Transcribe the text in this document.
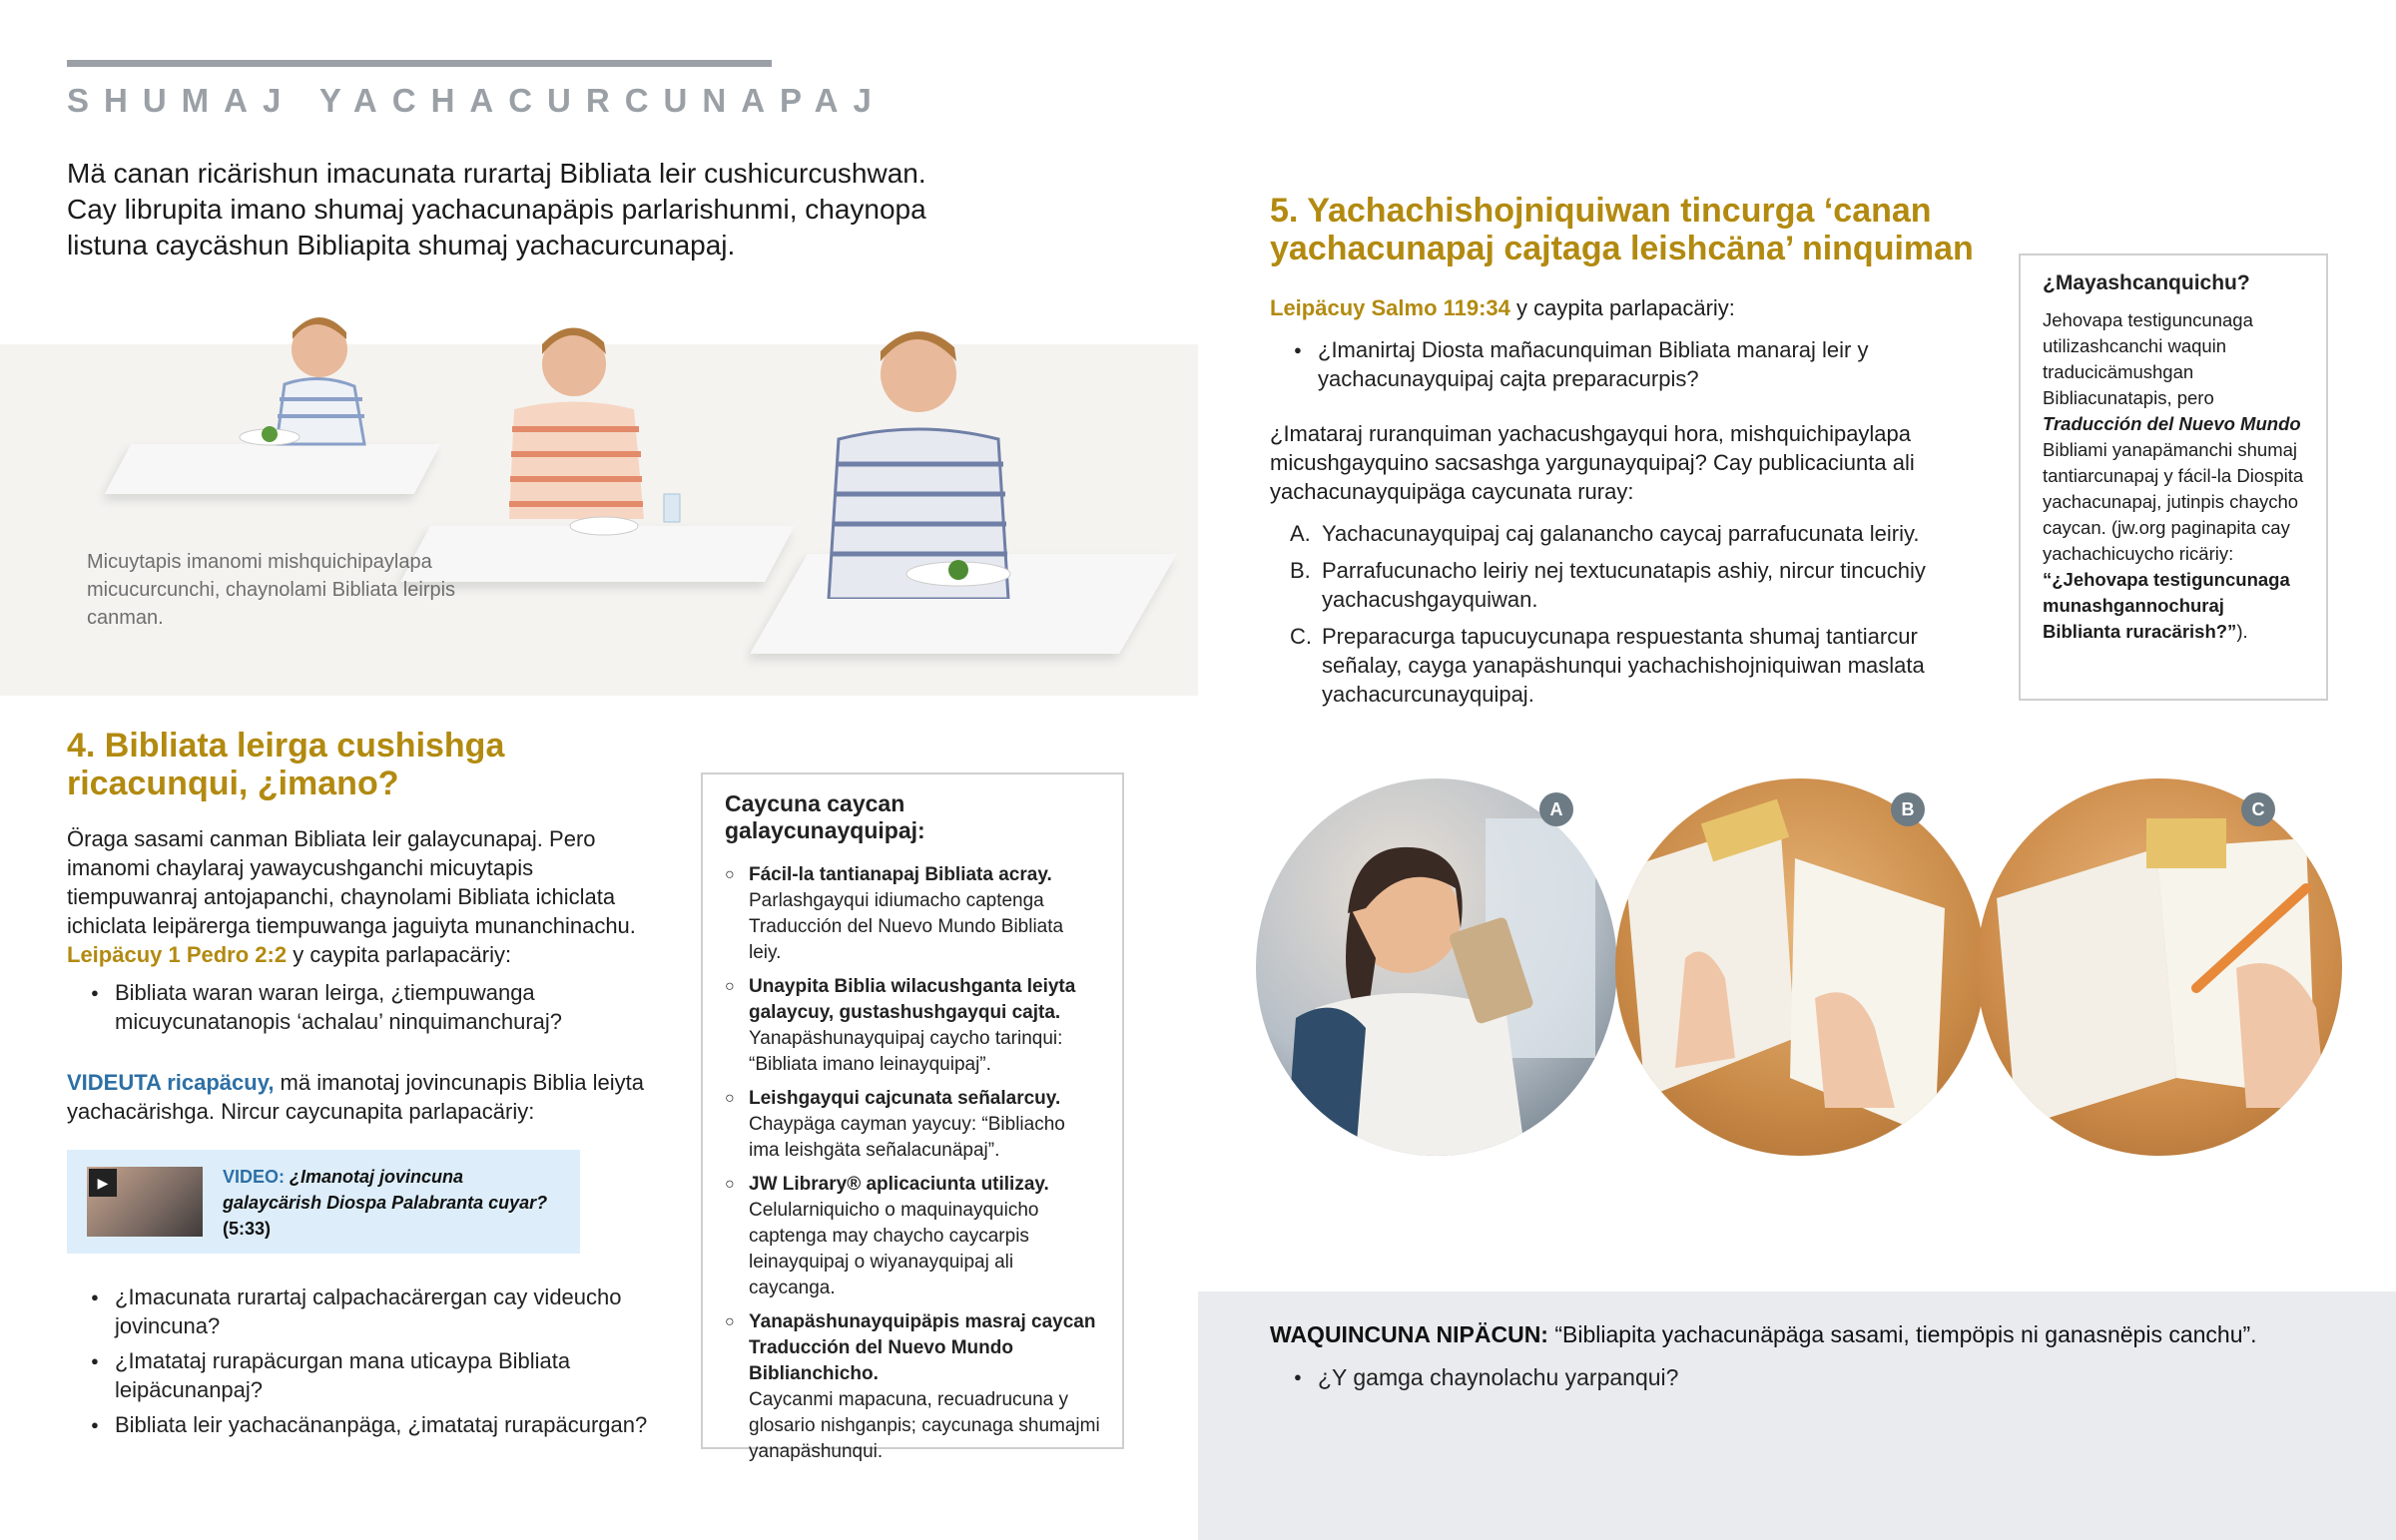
SHUMAJ YACHACURCUNAPAJ

Mä canan ricärishun imacunata rurartaj Bibliata leir cushicurcushwan. Cay librupita imano shumaj yachacunapäpis parlarishunmi, chaynopa listuna caycäshun Bibliapita shumaj yachacurcunapaj.

Micuytapis imanomi mishquichipaylapa micucurcunchi, chaynolami Bibliata leirpis canman.

4. Bibliata leirga cushishga ricacunqui, ¿imano?

Öraga sasami canman Bibliata leir galaycunapaj. Pero imanomi chaylaraj yawaycushganchi micuytapis tiempuwanraj antojapanchi, chaynolami Bibliata ichiclata ichiclata leipärerga tiempuwanga jaguiyta munanchinachu. Leipäcuy 1 Pedro 2:2 y caypita parlapacäriy:

● Bibliata waran waran leirga, ¿tiempuwanga micuycunatanopis ‘achalau’ ninquimanchuraj?

VIDEUTA ricapäcuy, mä imanotaj jovincunapis Biblia leiyta yachacärishga. Nircur caycunapita parlapacäriy:

▶	VIDEO: ¿Imanotaj jovincuna galaycärish Diospa Palabranta cuyar? (5:33)
● ¿Imacunata rurartaj calpachacärergan cay videucho jovincuna?
● ¿Imatataj rurapäcurgan mana uticaypa Bibliata leipäcunanpaj?
● Bibliata leir yachacänanpäga, ¿imatataj rurapäcurgan?
Caycuna caycan galaycunayquipaj:
○ Fácil-la tantianapaj Bibliata acray.
Parlashgayqui idiumacho captenga Traducción del Nuevo Mundo Bibliata leiy.
○ Unaypita Biblia wilacushganta leiyta galaycuy, gustashushgayqui cajta.
Yanapäshunayquipaj caycho tarinqui: “Bibliata imano leinayquipaj”.
○ Leishgayqui cajcunata señalarcuy.
Chaypäga cayman yaycuy: “Bibliacho ima leishgäta señalacunäpaj”.
○ JW Library® aplicaciunta utilizay.
Celularniquicho o maquinayquicho captenga may chaycho caycarpis leinayquipaj o wiyanayquipaj ali caycanga.
○ Yanapäshunayquipäpis masraj caycan Traducción del Nuevo Mundo Biblianchicho.
Caycanmi mapacuna, recuadrucuna y glosario nishganpis; caycunaga shumajmi yanapäshunqui.
5. Yachachishojniquiwan tincurga ‘canan yachacunapaj cajtaga leishcäna’ ninquiman

Leipäcuy Salmo 119:34 y caypita parlapacäriy:

● ¿Imanirtaj Diosta mañacunquiman Bibliata manaraj leir y yachacunayquipaj cajta preparacurpis?

¿Imataraj ruranquiman yachacushgayqui hora, mishquichipaylapa micushgayquino sacsashga yargunayquipaj? Cay publicaciunta ali yachacunayquipäga caycunata ruray:

A. Yachacunayquipaj caj galanancho caycaj parrafucunata leiriy.
B. Parrafucunacho leiriy nej textucunatapis ashiy, nircur tincuchiy yachacushgayquiwan.
C. Preparacurga tapucuycunapa respuestanta shumaj tantiarcur señalay, cayga yanapäshunqui yachachishojniquiwan maslata yachacurcunayquipaj.
¿Mayashcanquichu?

Jehovapa testiguncunaga utilizashcanchi waquin traducicämushgan Bibliacunatapis, pero Traducción del Nuevo Mundo Bibliami yanapämanchi shumaj tantiarcunapaj y fácil-la Diospita yachacunapaj, jutinpis chaycho caycan. (jw.org paginapita cay yachachicuycho ricäriy: “¿Jehovapa testiguncunaga munashgannochuraj Biblianta ruracärish?”).

A	B	C

WAQUINCUNA NIPÄCUN: “Bibliapita yachacunäpäga sasami, tiempöpis ni ganasnëpis canchu”.

● ¿Y gamga chaynolachu yarpanqui?
